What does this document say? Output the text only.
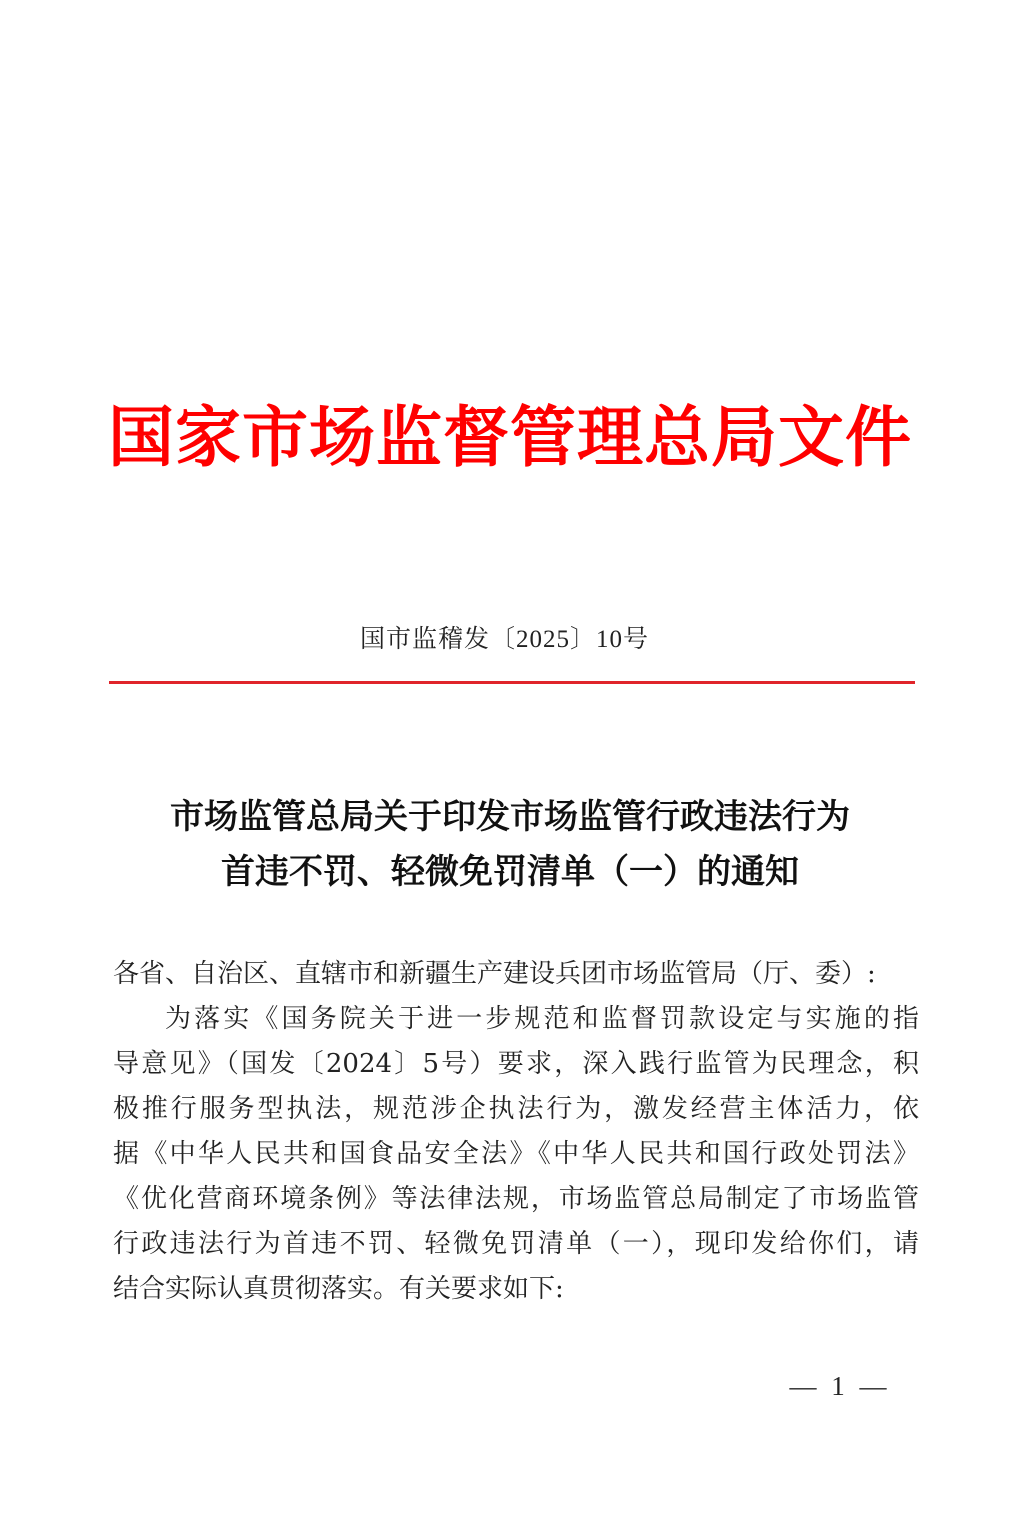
国家市场监督管理总局文件
国市监稽发〔2025〕10号
市场监管总局关于印发市场监管行政违法行为
首违不罚、轻微免罚清单（一）的通知
各省、自治区、直辖市和新疆生产建设兵团市场监管局（厅、委）:
为落实《国务院关于进一步规范和监督罚款设定与实施的指
导意见》（国发〔2024〕5号）要求，深入践行监管为民理念，积
极推行服务型执法，规范涉企执法行为，激发经营主体活力，依
据《中华人民共和国食品安全法》《中华人民共和国行政处罚法》
《优化营商环境条例》等法律法规，市场监管总局制定了市场监管
行政违法行为首违不罚、轻微免罚清单（一），现印发给你们，请
结合实际认真贯彻落实。有关要求如下:
— 1 —
